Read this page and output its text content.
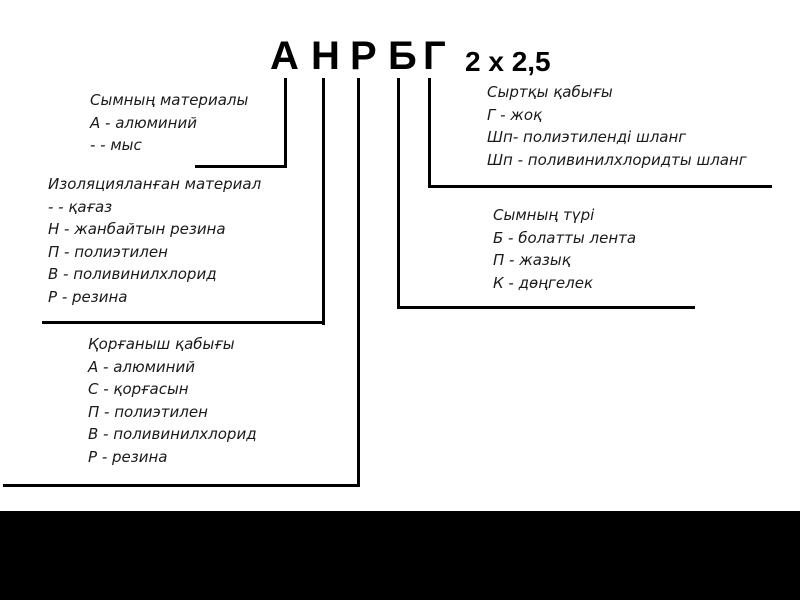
А Н Р Б Г 2 х 2,5
Сымның материалы
А - алюминий
- - мыс
Изоляцияланған материал
- - қағаз
Н - жанбайтын резина
П - полиэтилен
В - поливинилхлорид
Р - резина
Қорғаныш қабығы
А - алюминий
С - қорғасын
П - полиэтилен
В - поливинилхлорид
Р - резина
Сыртқы қабығы
Г - жоқ
Шп- полиэтиленді шланг
Шп - поливинилхлоридты шланг
Сымның түрі
Б - болатты лента
П - жазық
К - дөңгелек
